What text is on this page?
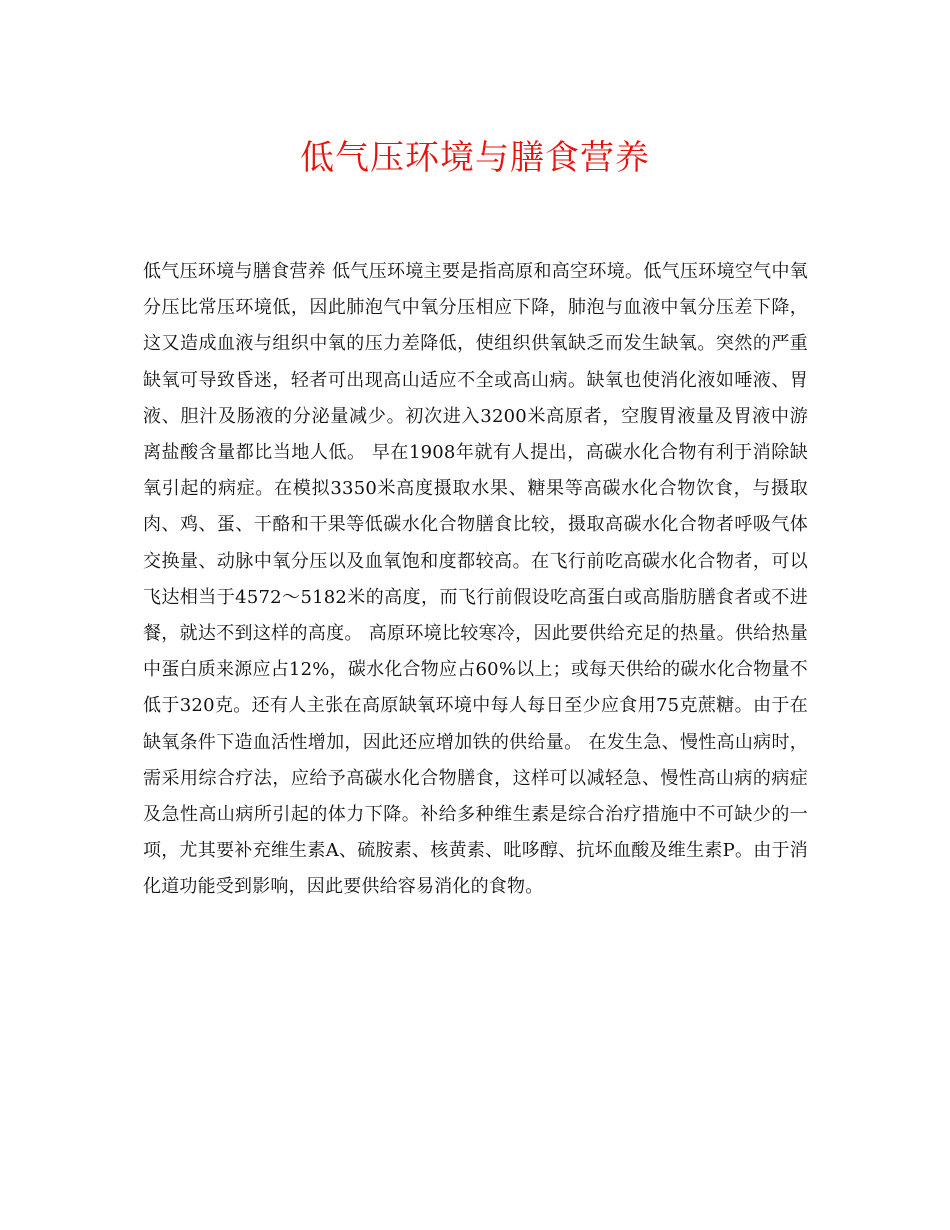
低气压环境与膳食营养

低气压环境与膳食营养 低气压环境主要是指高原和高空环境。低气压环境空气中氧分压比常压环境低，因此肺泡气中氧分压相应下降，肺泡与血液中氧分压差下降，这又造成血液与组织中氧的压力差降低，使组织供氧缺乏而发生缺氧。突然的严重缺氧可导致昏迷，轻者可出现高山适应不全或高山病。缺氧也使消化液如唾液、胃液、胆汁及肠液的分泌量减少。初次进入3200米高原者，空腹胃液量及胃液中游离盐酸含量都比当地人低。 早在1908年就有人提出，高碳水化合物有利于消除缺氧引起的病症。在模拟3350米高度摄取水果、糖果等高碳水化合物饮食，与摄取肉、鸡、蛋、干酪和干果等低碳水化合物膳食比较，摄取高碳水化合物者呼吸气体交换量、动脉中氧分压以及血氧饱和度都较高。在飞行前吃高碳水化合物者，可以飞达相当于4572～5182米的高度，而飞行前假设吃高蛋白或高脂肪膳食者或不进餐，就达不到这样的高度。 高原环境比较寒冷，因此要供给充足的热量。供给热量中蛋白质来源应占12%，碳水化合物应占60%以上；或每天供给的碳水化合物量不低于320克。还有人主张在高原缺氧环境中每人每日至少应食用75克蔗糖。由于在缺氧条件下造血活性增加，因此还应增加铁的供给量。 在发生急、慢性高山病时，需采用综合疗法，应给予高碳水化合物膳食，这样可以减轻急、慢性高山病的病症及急性高山病所引起的体力下降。补给多种维生素是综合治疗措施中不可缺少的一项，尤其要补充维生素A、硫胺素、核黄素、吡哆醇、抗坏血酸及维生素P。由于消化道功能受到影响，因此要供给容易消化的食物。
